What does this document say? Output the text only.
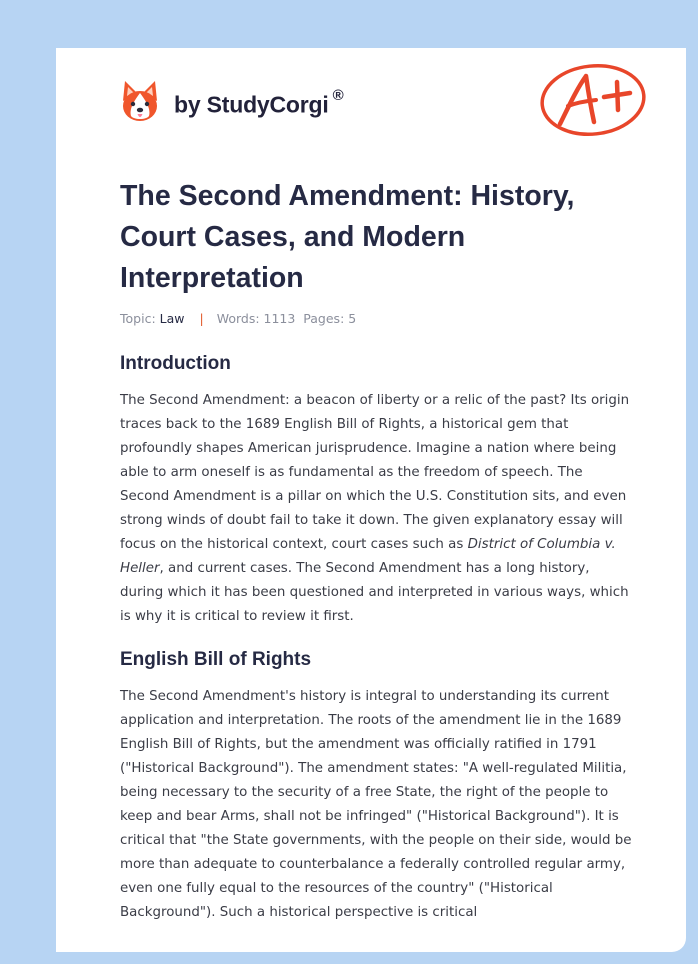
by StudyCorgi ®
The Second Amendment: History, Court Cases, and Modern Interpretation
Topic: Law | Words: 1113 Pages: 5
Introduction

The Second Amendment: a beacon of liberty or a relic of the past? Its origin traces back to the 1689 English Bill of Rights, a historical gem that profoundly shapes American jurisprudence. Imagine a nation where being able to arm oneself is as fundamental as the freedom of speech. The Second Amendment is a pillar on which the U.S. Constitution sits, and even strong winds of doubt fail to take it down. The given explanatory essay will focus on the historical context, court cases such as District of Columbia v. Heller, and current cases. The Second Amendment has a long history, during which it has been questioned and interpreted in various ways, which is why it is critical to review it first.

English Bill of Rights

The Second Amendment's history is integral to understanding its current application and interpretation. The roots of the amendment lie in the 1689 English Bill of Rights, but the amendment was officially ratified in 1791 ("Historical Background"). The amendment states: "A well-regulated Militia, being necessary to the security of a free State, the right of the people to keep and bear Arms, shall not be infringed" ("Historical Background"). It is critical that "the State governments, with the people on their side, would be more than adequate to counterbalance a federally controlled regular army, even one fully equal to the resources of the country" ("Historical Background"). Such a historical perspective is critical
